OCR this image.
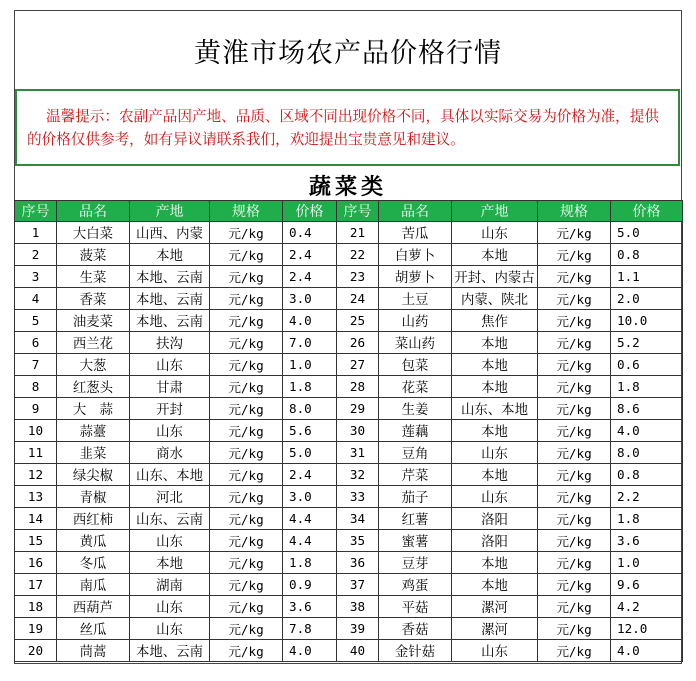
黄淮市场农产品价格行情
温馨提示：农副产品因产地、品质、区域不同出现价格不同，具体以实际交易为价格为准，提供的价格仅供参考，如有异议请联系我们，欢迎提出宝贵意见和建议。
蔬菜类
序号	品名	产地	规格	价格	序号	品名	产地	规格	价格
1	大白菜	山西、内蒙	元/kg	0.4	21	苦瓜	山东	元/kg	5.0
2	菠菜	本地	元/kg	2.4	22	白萝卜	本地	元/kg	0.8
3	生菜	本地、云南	元/kg	2.4	23	胡萝卜	开封、内蒙古	元/kg	1.1
4	香菜	本地、云南	元/kg	3.0	24	土豆	内蒙、陕北	元/kg	2.0
5	油麦菜	本地、云南	元/kg	4.0	25	山药	焦作	元/kg	10.0
6	西兰花	扶沟	元/kg	7.0	26	菜山药	本地	元/kg	5.2
7	大葱	山东	元/kg	1.0	27	包菜	本地	元/kg	0.6
8	红葱头	甘肃	元/kg	1.8	28	花菜	本地	元/kg	1.8
9	大　蒜	开封	元/kg	8.0	29	生姜	山东、本地	元/kg	8.6
10	蒜薹	山东	元/kg	5.6	30	莲藕	本地	元/kg	4.0
11	韭菜	商水	元/kg	5.0	31	豆角	山东	元/kg	8.0
12	绿尖椒	山东、本地	元/kg	2.4	32	芹菜	本地	元/kg	0.8
13	青椒	河北	元/kg	3.0	33	茄子	山东	元/kg	2.2
14	西红柿	山东、云南	元/kg	4.4	34	红薯	洛阳	元/kg	1.8
15	黄瓜	山东	元/kg	4.4	35	蜜薯	洛阳	元/kg	3.6
16	冬瓜	本地	元/kg	1.8	36	豆芽	本地	元/kg	1.0
17	南瓜	湖南	元/kg	0.9	37	鸡蛋	本地	元/kg	9.6
18	西葫芦	山东	元/kg	3.6	38	平菇	漯河	元/kg	4.2
19	丝瓜	山东	元/kg	7.8	39	香菇	漯河	元/kg	12.0
20	茼蒿	本地、云南	元/kg	4.0	40	金针菇	山东	元/kg	4.0
